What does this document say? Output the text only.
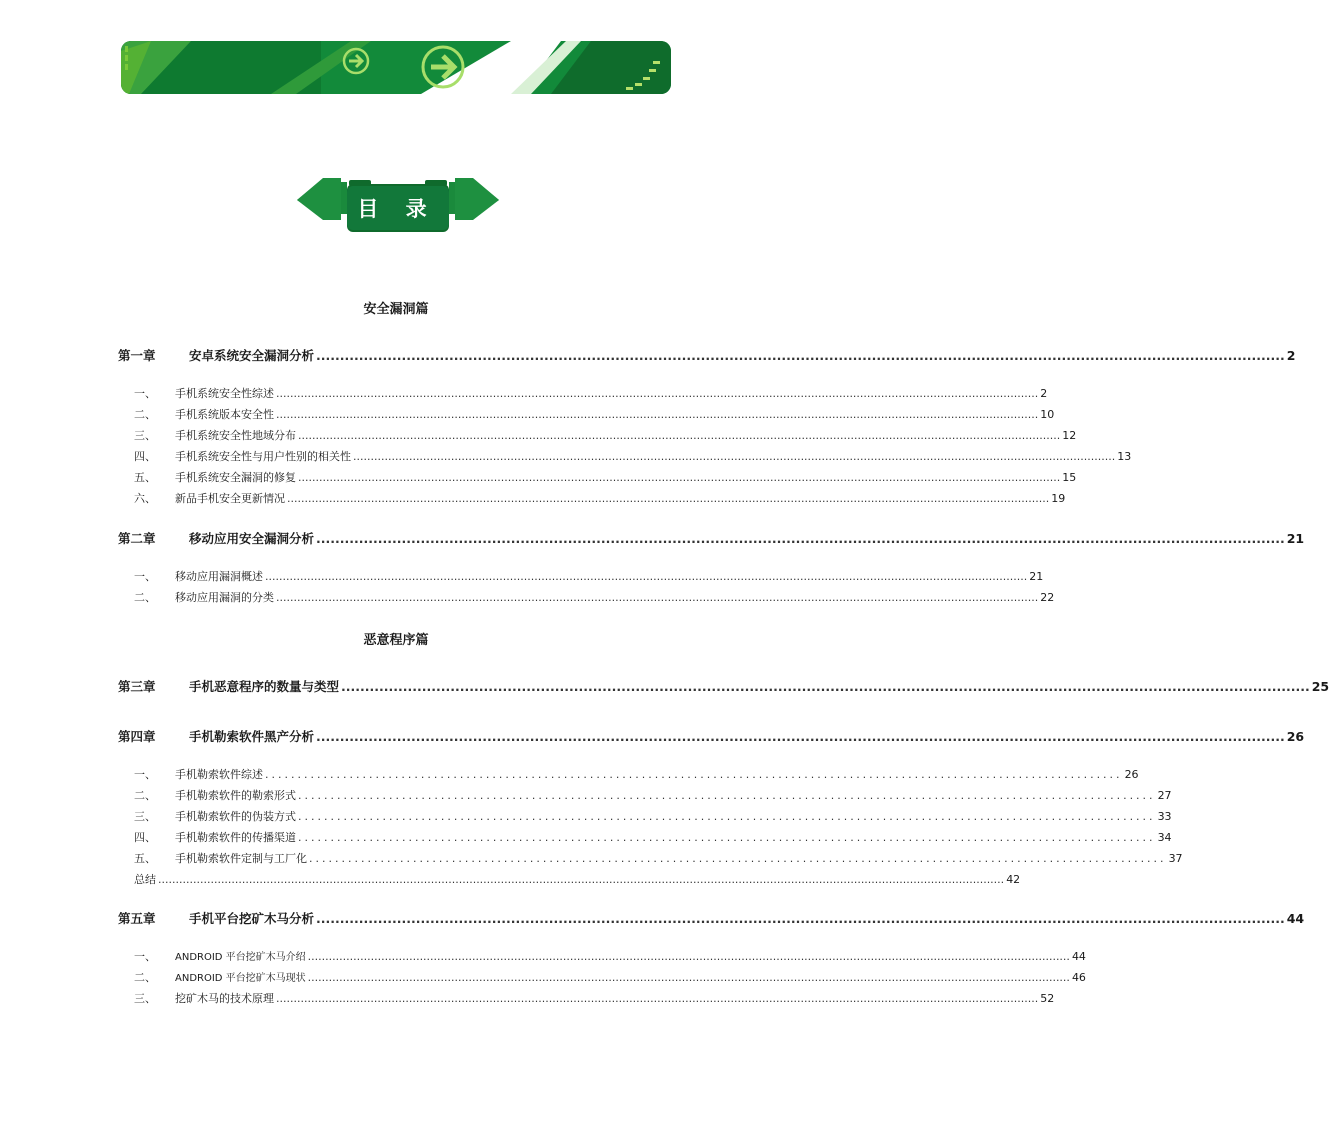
目 录
安全漏洞篇
第一章	安卓系统安全漏洞分析 ............................................................................................................................................................................................................ 2
一、	手机系统安全性综述 .......................................................................................................................................................................................................................... 2
二、	手机系统版本安全性 .......................................................................................................................................................................................................................... 10
三、	手机系统安全性地域分布 .......................................................................................................................................................................................................................... 12
四、	手机系统安全性与用户性别的相关性 .......................................................................................................................................................................................................................... 13
五、	手机系统安全漏洞的修复 .......................................................................................................................................................................................................................... 15
六、	新品手机安全更新情况 .......................................................................................................................................................................................................................... 19
第二章	移动应用安全漏洞分析 ............................................................................................................................................................................................................ 21
一、	移动应用漏洞概述 .......................................................................................................................................................................................................................... 21
二、	移动应用漏洞的分类 .......................................................................................................................................................................................................................... 22
恶意程序篇
第三章	手机恶意程序的数量与类型 ............................................................................................................................................................................................................ 25
第四章	手机勒索软件黑产分析 ............................................................................................................................................................................................................ 26
一、	手机勒索软件综述 .................................................................................................................................... 26
二、	手机勒索软件的勒索形式 .................................................................................................................................... 27
三、	手机勒索软件的伪装方式 .................................................................................................................................... 33
四、	手机勒索软件的传播渠道 .................................................................................................................................... 34
五、	手机勒索软件定制与工厂化 .................................................................................................................................... 37
总结 .................................................................................................................................................................................................................................................. 42
第五章	手机平台挖矿木马分析 ............................................................................................................................................................................................................ 44
一、	ANDROID 平台挖矿木马介绍 .......................................................................................................................................................................................................................... 44
二、	ANDROID 平台挖矿木马现状 .......................................................................................................................................................................................................................... 46
三、	挖矿木马的技术原理 .......................................................................................................................................................................................................................... 52
